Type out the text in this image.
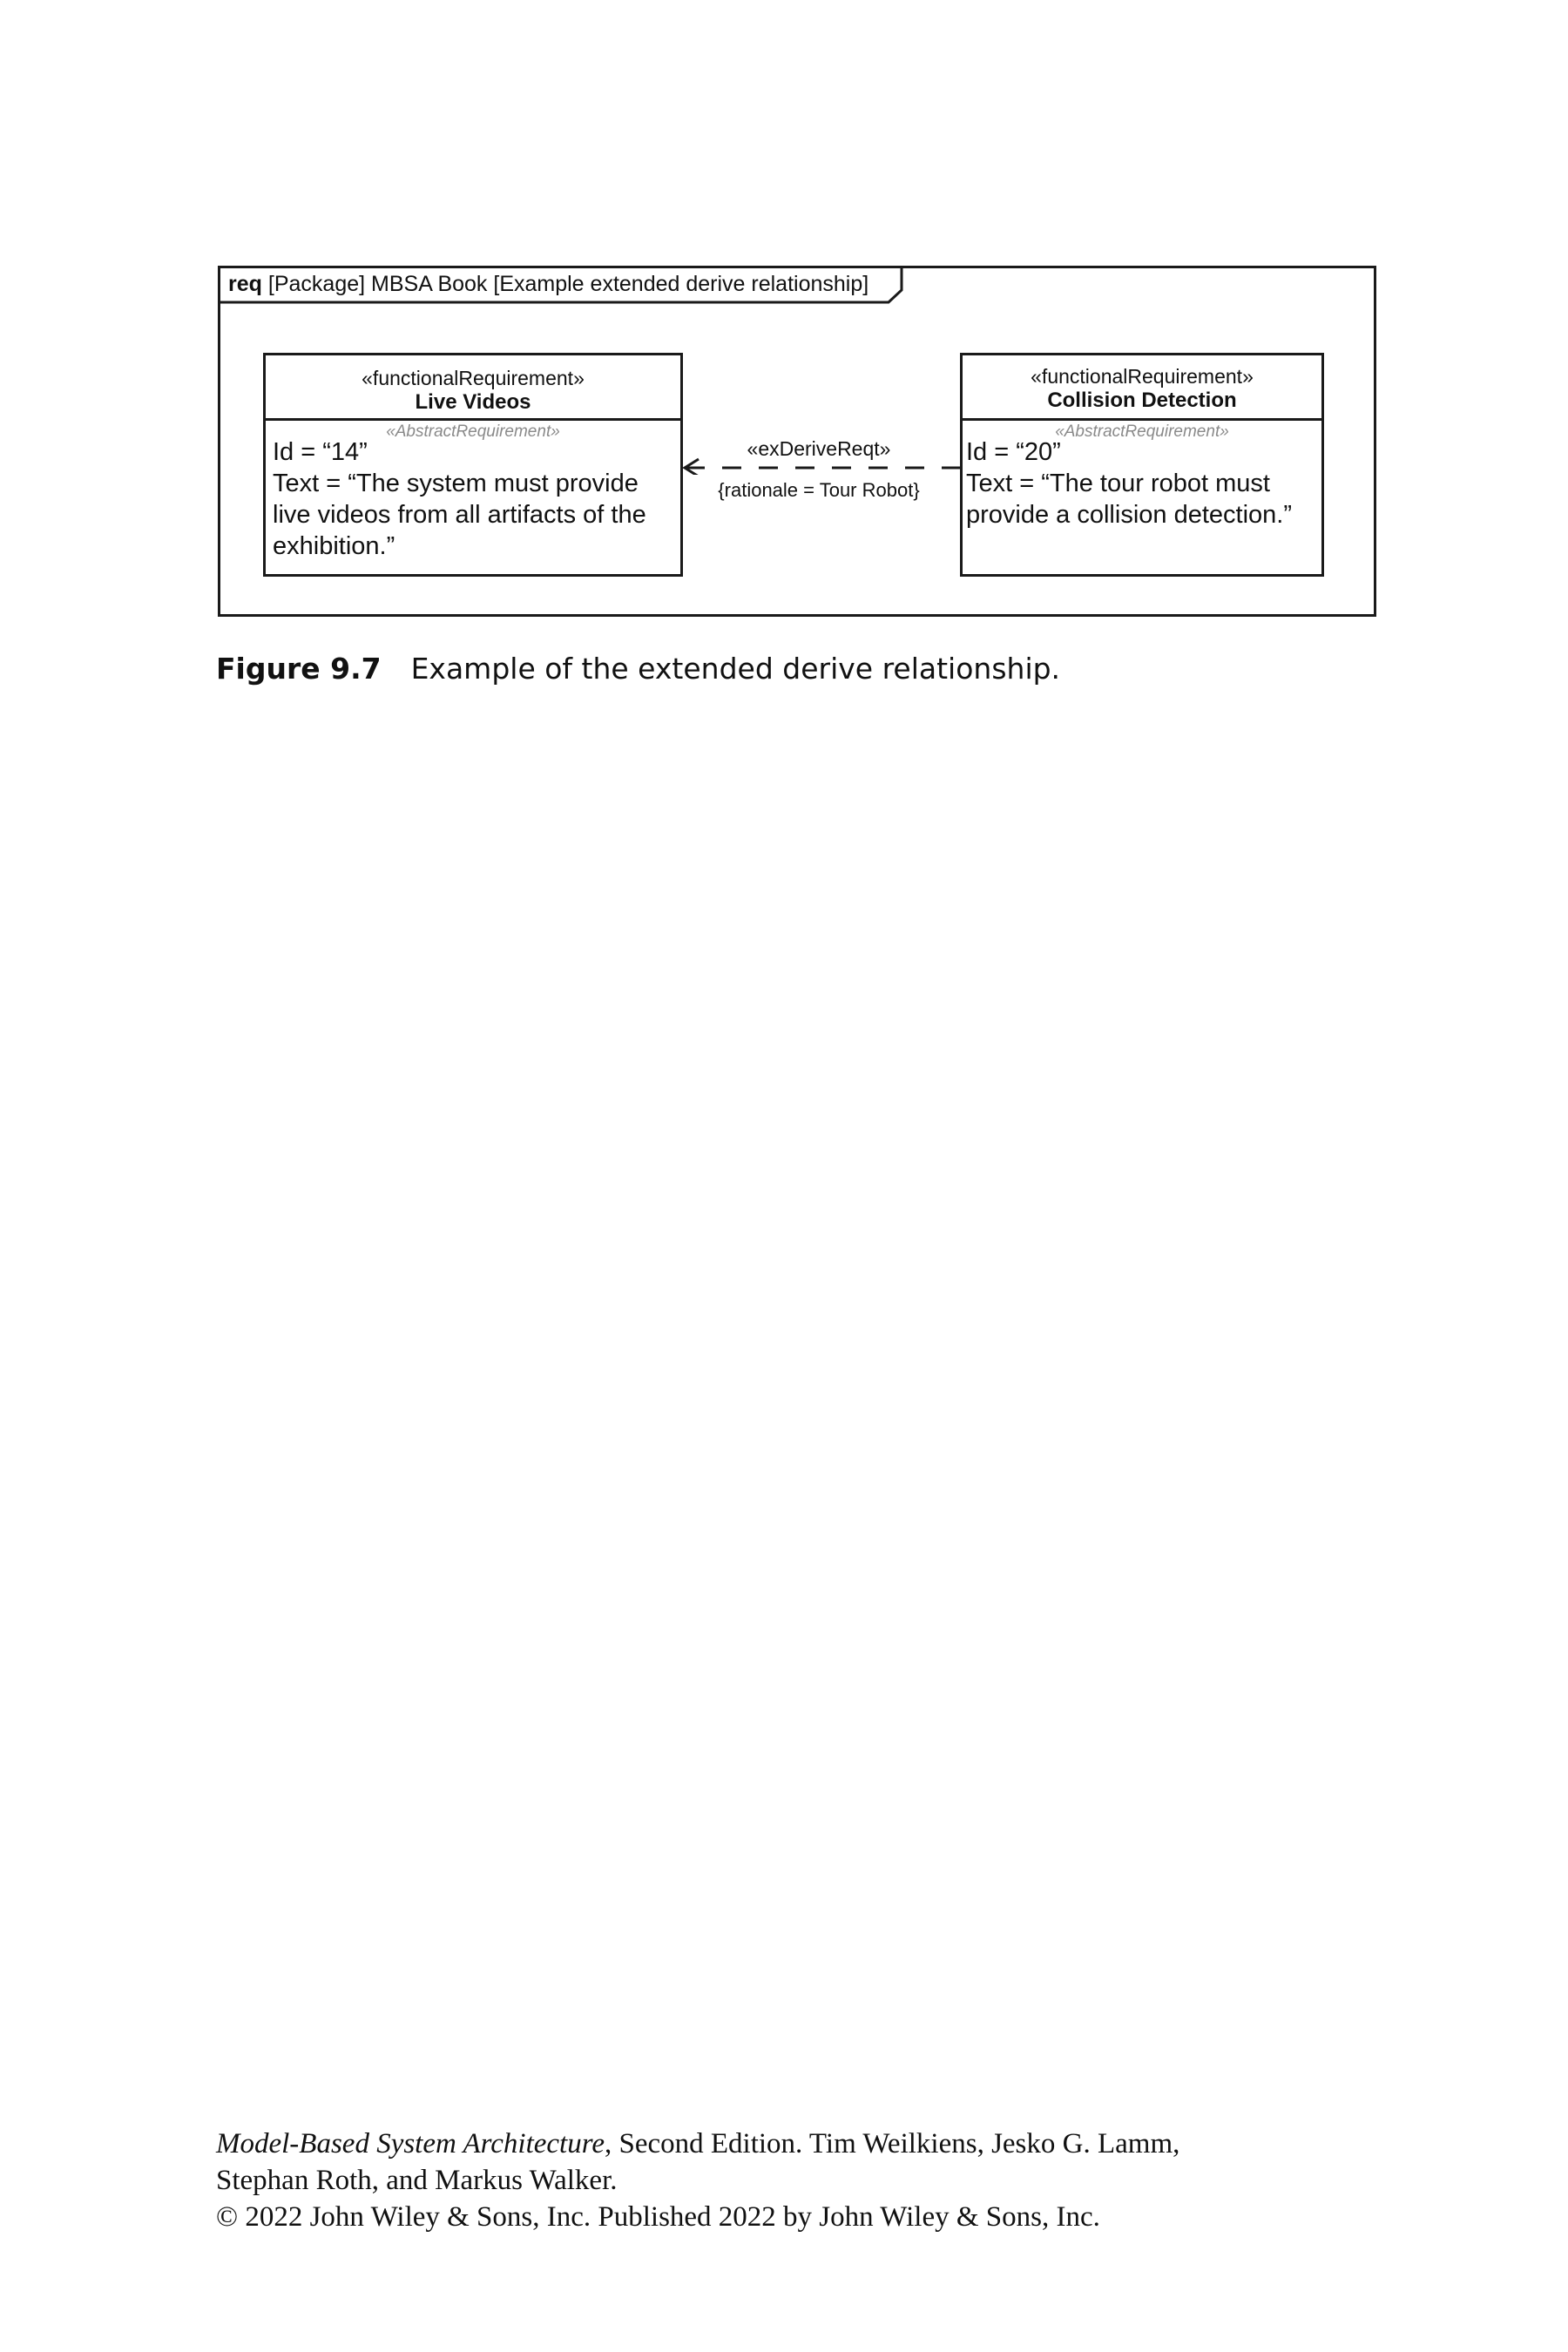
req [Package] MBSA Book [Example extended derive relationship]
«functionalRequirement»
Live Videos
«AbstractRequirement»
Id = “14”
Text = “The system must provide
live videos from all artifacts of the
exhibition.”
«functionalRequirement»
Collision Detection
«AbstractRequirement»
Id = “20”
Text = “The tour robot must
provide a collision detection.”
«exDeriveReqt»
{rationale = Tour Robot}
Figure 9.7 Example of the extended derive relationship.
Model-Based System Architecture, Second Edition. Tim Weilkiens, Jesko G. Lamm,
Stephan Roth, and Markus Walker.
© 2022 John Wiley & Sons, Inc. Published 2022 by John Wiley & Sons, Inc.
